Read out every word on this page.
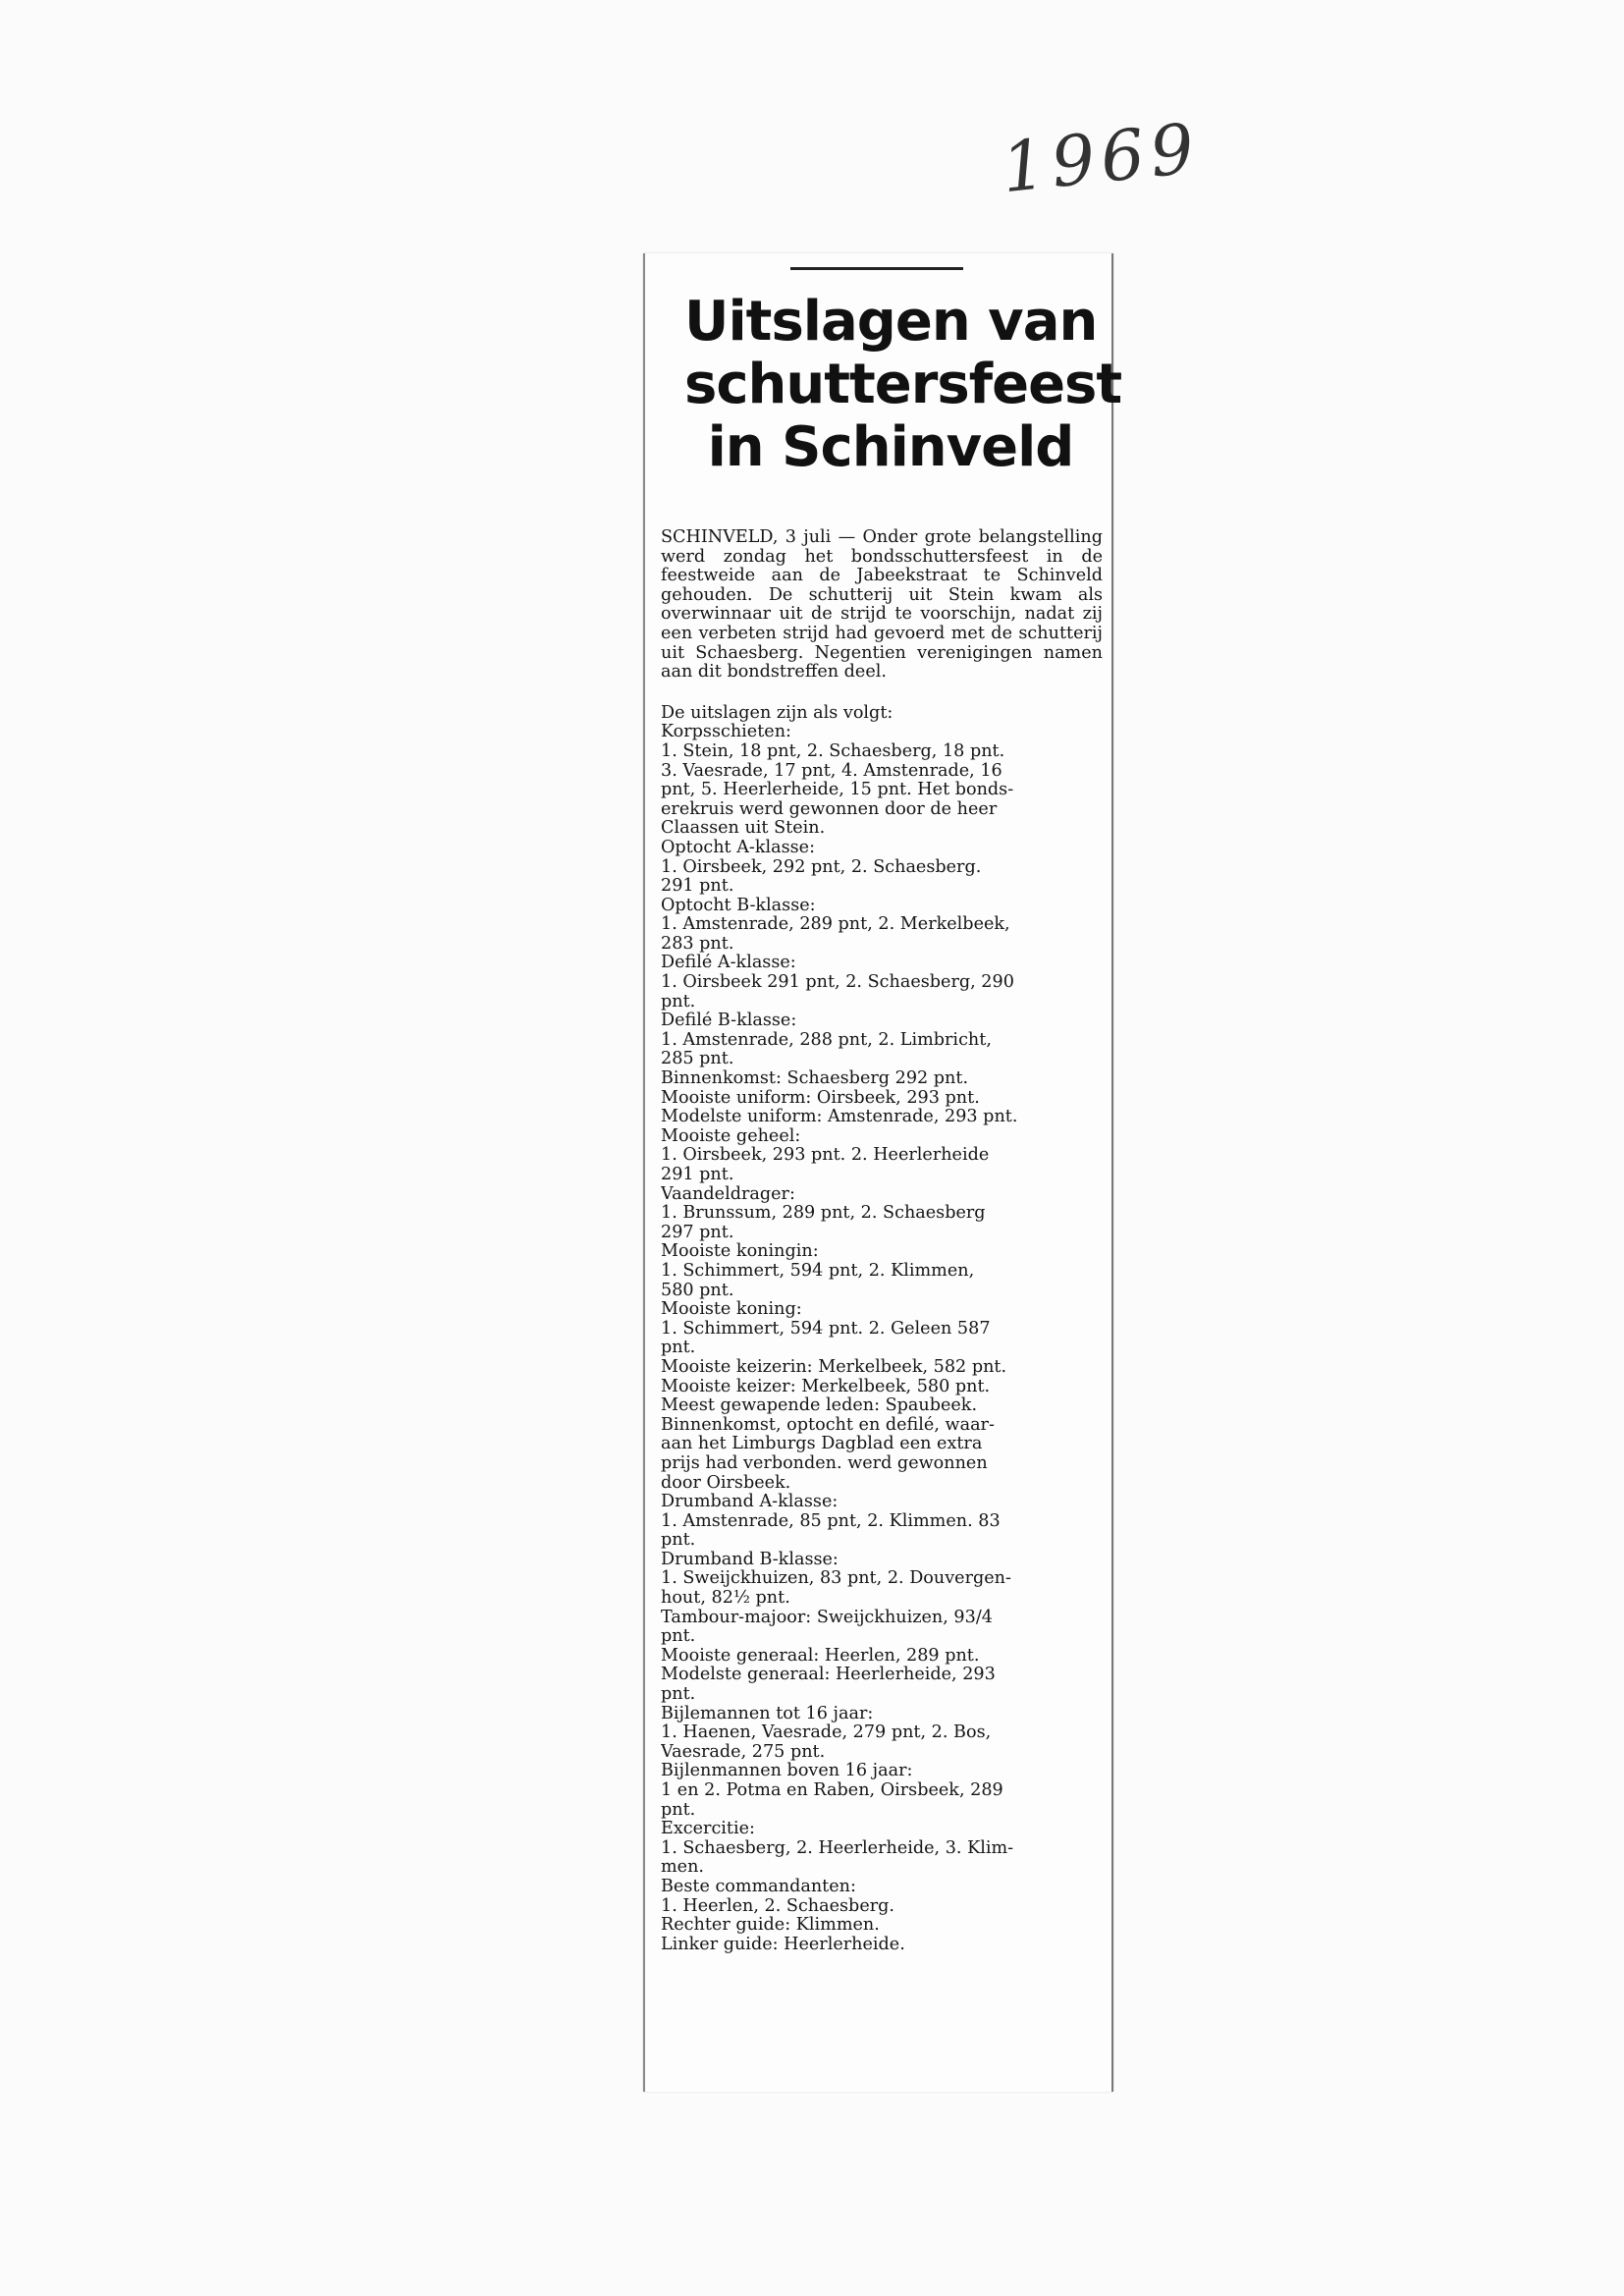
1969
Uitslagen van
schuttersfeest
in Schinveld
SCHINVELD, 3 juli — Onder grote belangstelling werd zondag het bondsschuttersfeest in de feestweide aan de Jabeekstraat te Schinveld gehouden. De schutterij uit Stein kwam als overwinnaar uit de strijd te voorschijn, nadat zij een verbeten strijd had gevoerd met de schutterij uit Schaesberg. Negentien verenigingen namen aan dit bondstreffen deel.
De uitslagen zijn als volgt:
Korpsschieten:
1. Stein, 18 pnt, 2. Schaesberg, 18 pnt.
3. Vaesrade, 17 pnt, 4. Amstenrade, 16
pnt, 5. Heerlerheide, 15 pnt. Het bonds-
erekruis werd gewonnen door de heer
Claassen uit Stein.
Optocht A-klasse:
1. Oirsbeek, 292 pnt, 2. Schaesberg.
291 pnt.
Optocht B-klasse:
1. Amstenrade, 289 pnt, 2. Merkelbeek,
283 pnt.
Defilé A-klasse:
1. Oirsbeek 291 pnt, 2. Schaesberg, 290
pnt.
Defilé B-klasse:
1. Amstenrade, 288 pnt, 2. Limbricht,
285 pnt.
Binnenkomst: Schaesberg 292 pnt.
Mooiste uniform: Oirsbeek, 293 pnt.
Modelste uniform: Amstenrade, 293 pnt.
Mooiste geheel:
1. Oirsbeek, 293 pnt. 2. Heerlerheide
291 pnt.
Vaandeldrager:
1. Brunssum, 289 pnt, 2. Schaesberg
297 pnt.
Mooiste koningin:
1. Schimmert, 594 pnt, 2. Klimmen,
580 pnt.
Mooiste koning:
1. Schimmert, 594 pnt. 2. Geleen 587
pnt.
Mooiste keizerin: Merkelbeek, 582 pnt.
Mooiste keizer: Merkelbeek, 580 pnt.
Meest gewapende leden: Spaubeek.
Binnenkomst, optocht en defilé, waar-
aan het Limburgs Dagblad een extra
prijs had verbonden. werd gewonnen
door Oirsbeek.
Drumband A-klasse:
1. Amstenrade, 85 pnt, 2. Klimmen. 83
pnt.
Drumband B-klasse:
1. Sweijckhuizen, 83 pnt, 2. Douvergen-
hout, 82½ pnt.
Tambour-majoor: Sweijckhuizen, 93/4
pnt.
Mooiste generaal: Heerlen, 289 pnt.
Modelste generaal: Heerlerheide, 293
pnt.
Bijlemannen tot 16 jaar:
1. Haenen, Vaesrade, 279 pnt, 2. Bos,
Vaesrade, 275 pnt.
Bijlenmannen boven 16 jaar:
1 en 2. Potma en Raben, Oirsbeek, 289
pnt.
Excercitie:
1. Schaesberg, 2. Heerlerheide, 3. Klim-
men.
Beste commandanten:
1. Heerlen, 2. Schaesberg.
Rechter guide: Klimmen.
Linker guide: Heerlerheide.
